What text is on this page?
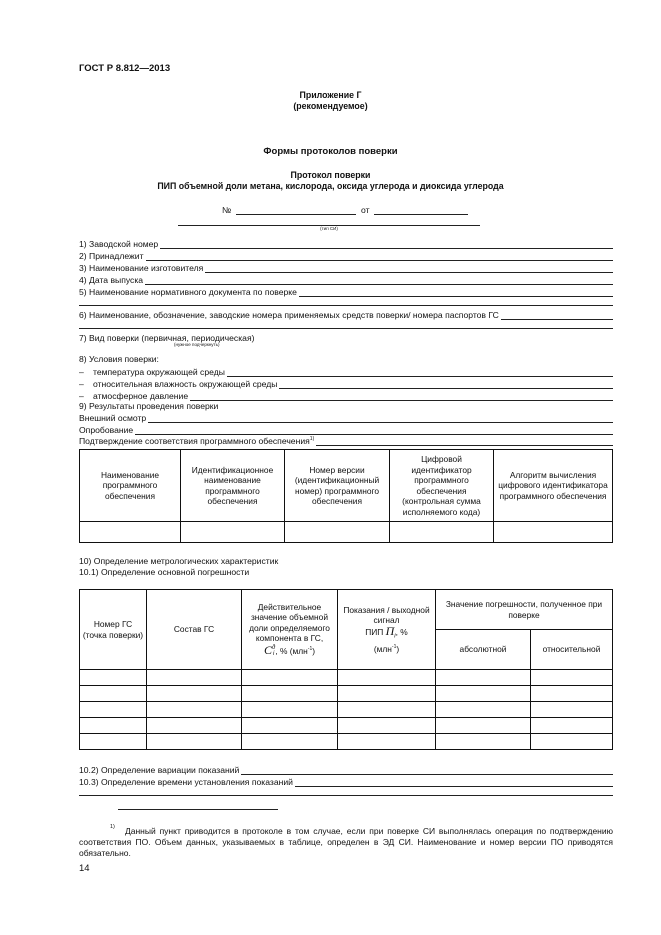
ГОСТ Р 8.812—2013
Приложение Г
(рекомендуемое)
Формы протоколов поверки
Протокол поверки
ПИП объемной доли метана, кислорода, оксида углерода и диоксида углерода
№	от
(тип СИ)
1) Заводской номер
2) Принадлежит
3) Наименование изготовителя
4) Дата выпуска
5) Наименование нормативного документа по поверке
6) Наименование, обозначение, заводские номера применяемых средств поверки/ номера паспортов ГС
7) Вид поверки (первичная, периодическая)
(нужное подчеркнуть)
8) Условия поверки:
– температура окружающей среды
– относительная влажность окружающей среды
– атмосферное давление
9) Результаты проведения поверки
Внешний осмотр
Опробование
Подтверждение соответствия программного обеспечения$^{1)}$
Наименование программного обеспечения	Идентификационное наименование программного обеспечения	Номер версии (идентификационный номер) программного обеспечения	Цифровой идентификатор программного обеспечения (контрольная сумма исполняемого кода)	Алгоритм вычисления цифрового идентификатора программного обеспечения

10) Определение метрологических характеристик
10.1) Определение основной погрешности
Номер ГС (точка поверки)	Состав ГС	Действительное значение объемной доли определяемого компонента в ГС,
Cд
i, % (млн$^{-1}$)	Показания / выходной сигнал
ПИП $П_i$, %
(млн$^{-1}$)	Значение погрешности, полученное при поверке	
				абсолютной	относительной

10.2) Определение вариации показаний
10.3) Определение времени установления показаний
1)	Данный пункт приводится в протоколе в том случае, если при поверке СИ выполнялась операция по подтверждению соответствия ПО. Объем данных, указываемых в таблице, определен в ЭД СИ. Наименование и номер версии ПО приводятся обязательно.
14
